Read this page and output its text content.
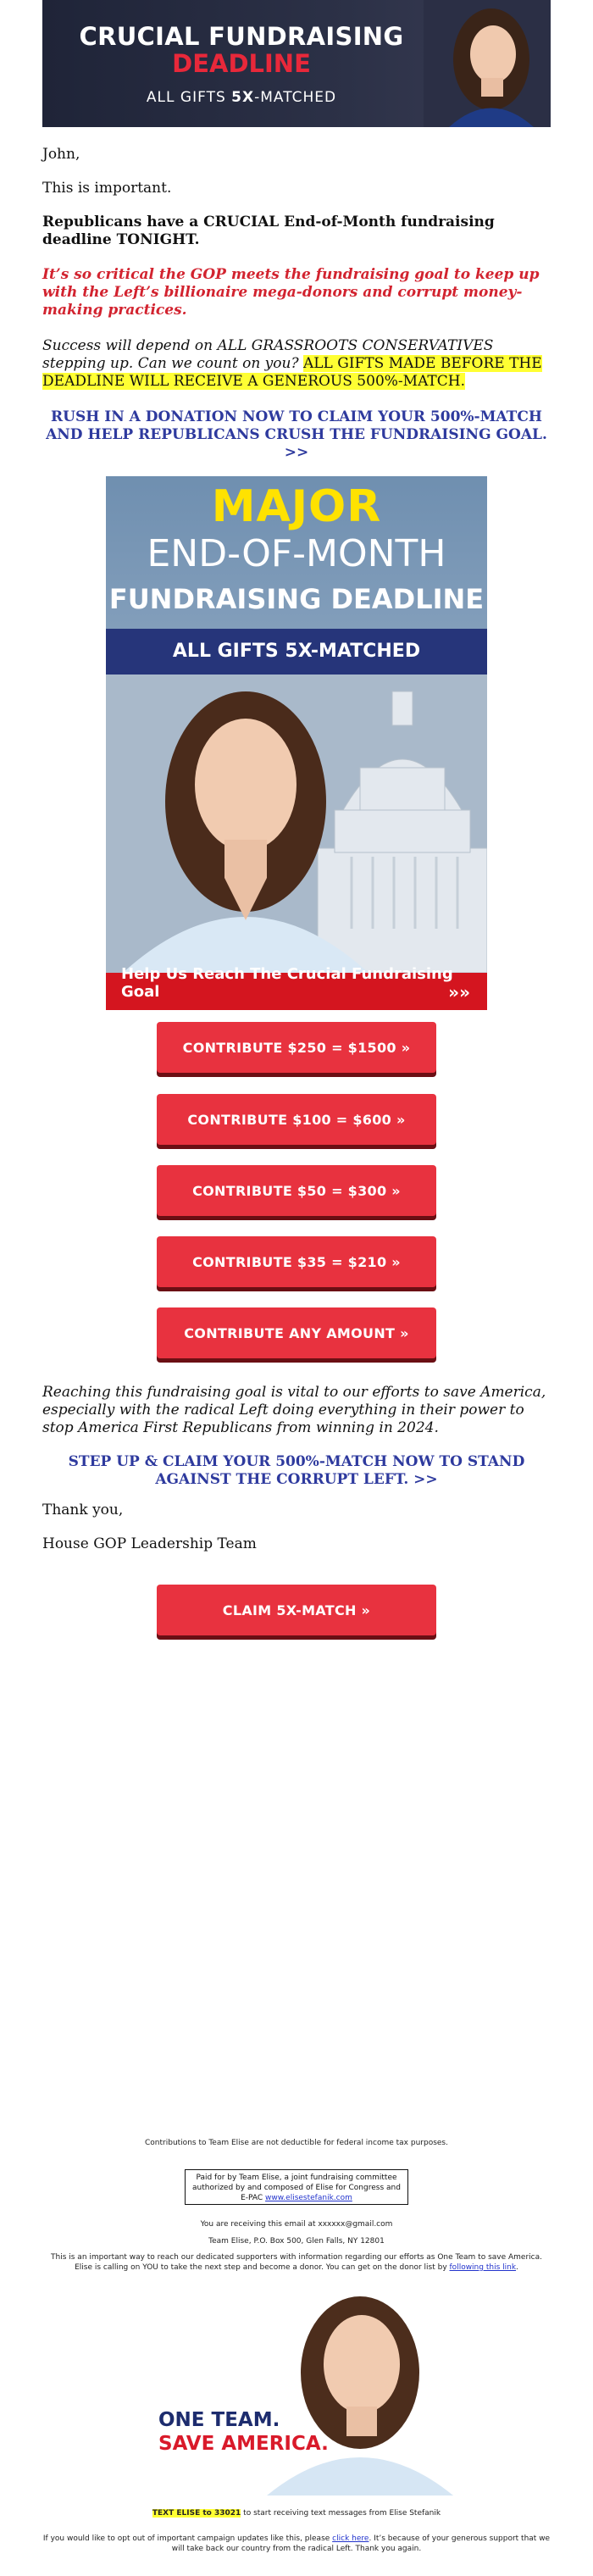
CRUCIAL FUNDRAISING
DEADLINE
ALL GIFTS 5X-MATCHED
John,
This is important.
Republicans have a CRUCIAL End-of-Month fundraising deadline TONIGHT.
It’s so critical the GOP meets the fundraising goal to keep up with the Left’s billionaire mega-donors and corrupt money-making practices.
Success will depend on ALL GRASSROOTS CONSERVATIVES stepping up. Can we count on you? ALL GIFTS MADE BEFORE THE DEADLINE WILL RECEIVE A GENEROUS 500%-MATCH.
RUSH IN A DONATION NOW TO CLAIM YOUR 500%-MATCH AND HELP REPUBLICANS CRUSH THE FUNDRAISING GOAL. >>
MAJOR
END-OF-MONTH
FUNDRAISING DEADLINE
ALL GIFTS 5X-MATCHED
Help Us Reach The Crucial Fundraising Goal	»»
CONTRIBUTE $250 = $1500 »
CONTRIBUTE $100 = $600 »
CONTRIBUTE $50 = $300 »
CONTRIBUTE $35 = $210 »
CONTRIBUTE ANY AMOUNT »
Reaching this fundraising goal is vital to our efforts to save America, especially with the radical Left doing everything in their power to stop America First Republicans from winning in 2024.
STEP UP & CLAIM YOUR 500%-MATCH NOW TO STAND AGAINST THE CORRUPT LEFT. >>
Thank you,
House GOP Leadership Team
CLAIM 5X-MATCH »
Contributions to Team Elise are not deductible for federal income tax purposes.
Paid for by Team Elise, a joint fundraising committee
authorized by and composed of Elise for Congress and
E-PAC www.elisestefanik.com
You are receiving this email at xxxxxx@gmail.com
Team Elise, P.O. Box 500, Glen Falls, NY 12801
This is an important way to reach our dedicated supporters with information regarding our efforts as One Team to save America. Elise is calling on YOU to take the next step and become a donor. You can get on the donor list by following this link.
ONE TEAM.
SAVE AMERICA.
TEXT ELISE to 33021 to start receiving text messages from Elise Stefanik
If you would like to opt out of important campaign updates like this, please click here. It’s because of your generous support that we will take back our country from the radical Left. Thank you again.
